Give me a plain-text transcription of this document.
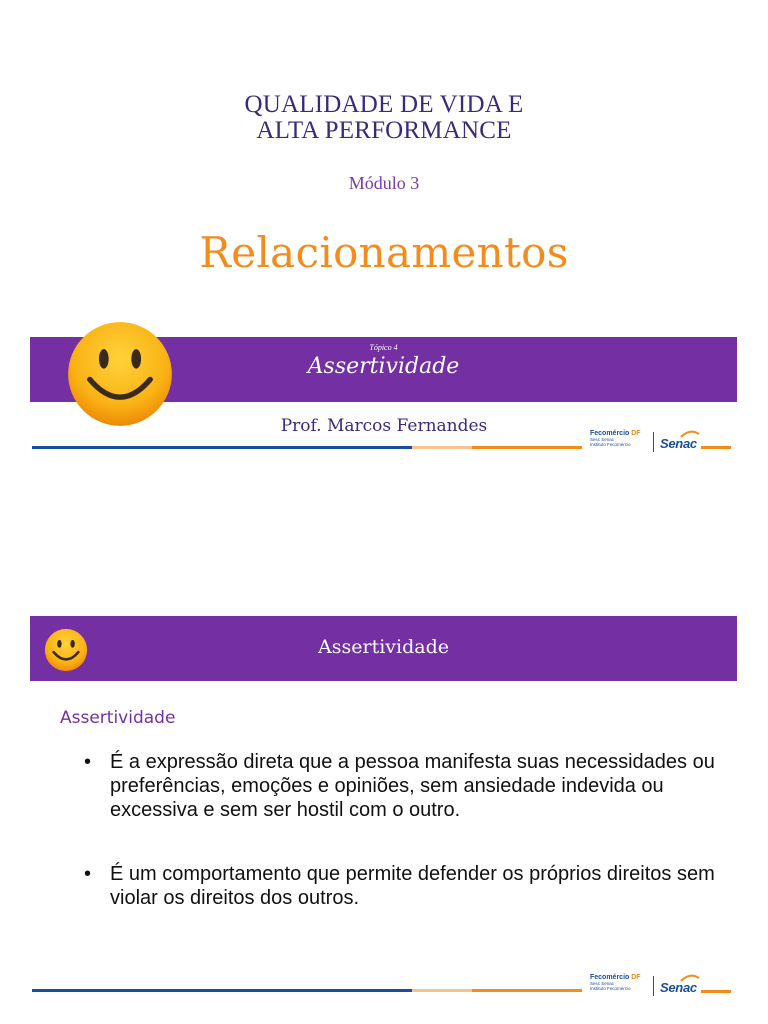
QUALIDADE DE VIDA E
ALTA PERFORMANCE
Módulo 3
Relacionamentos
Tópico 4
Assertividade
Prof. Marcos Fernandes	Fecomércio DF
Sesc Senac
Instituto Fecomércio	Senac
Assertividade
Assertividade
• É a expressão direta que a pessoa manifesta suas necessidades ou preferências, emoções e opiniões, sem ansiedade indevida ou excessiva e sem ser hostil com o outro.
• É um comportamento que permite defender os próprios direitos sem violar os direitos dos outros.
Fecomércio DF
Sesc Senac
Instituto Fecomércio	Senac
